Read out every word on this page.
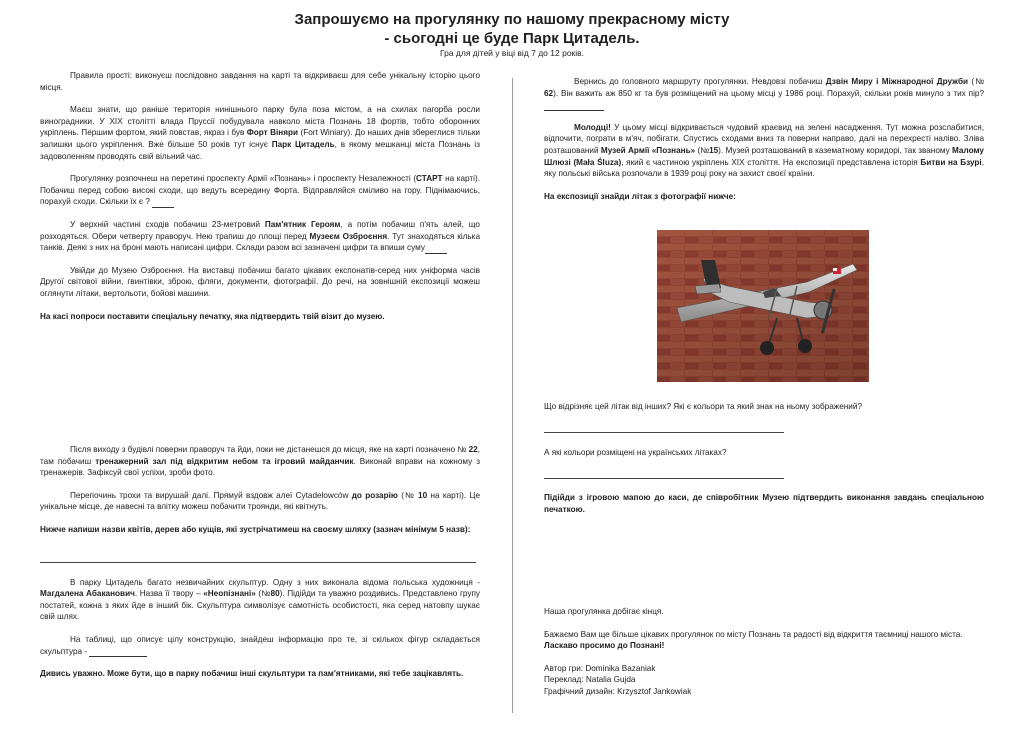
Запрошуємо на прогулянку по нашому прекрасному місту
- сьогодні це буде Парк Цитадель.
Гра для дітей у віці від 7 до 12 років.

Правила прості: виконуєш послідовно завдання на карті та відкриваєш для себе унікальну історію цього місця.

Маєш знати, що раніше територія нинішнього парку була поза містом, а на схилах пагорба росли виноградники. У XIX столітті влада Пруссії побудувала навколо міста Познань 18 фортів, тобто оборонних укріплень. Першим фортом, який повстав, якраз і був Форт Віняри (Fort Winiary). До наших днів збереглися тільки залишки цього укріплення. Вже більше 50 років тут існує Парк Цитадель, в якому мешканці міста Познань із задоволенням проводять свій вільний час.

Прогулянку розпочнеш на перетині проспекту Армії «Познань» і проспекту Незалежності (СТАРТ на карті). Побачиш перед собою високі сходи, що ведуть всередину Форта. Відправляйся сміливо на гору. Піднімаючись, порахуй сходи. Скільки їх є ?

У верхній частині сходів побачиш 23-метровий Пам'ятник Героям, а потім побачиш п'ять алей, що розходяться. Обери четверту праворуч. Нею трапиш до площі перед Музеєм Озброєння. Тут знаходяться кілька танків. Деякі з них на броні мають написані цифри. Склади разом всі зазначені цифри та впиши суму

Увійди до Музею Озброєння. На виставці побачиш багато цікавих експонатів-серед них уніформа часів Другої світової війни, гвинтівки, зброю, фляги, документи, фотографії. До речі, на зовнішній експозиції можеш оглянути літаки, вертольоти, бойові машини.

На касі попроси поставити спеціальну печатку, яка підтвердить твій візит до музею.

Після виходу з будівлі поверни праворуч та йди, поки не дістанешся до місця, яке на карті позначено № 22, там побачиш тренажерний зал під відкритим небом та ігровий майданчик. Виконай вправи на кожному з тренажерів. Зафіксуй свої успіхи, зроби фото.

Перепочинь трохи та вирушай далі. Прямуй вздовж алеї Cytadelowców до розарію (№ 10 на карті). Це унікальне місце, де навесні та влітку можеш побачити троянди, які квітнуть.

Нижче напиши назви квітів, дерев або кущів, які зустрічатимеш на своєму шляху (зазнач мінімум 5 назв):

В парку Цитадель багато незвичайних скульптур. Одну з них виконала відома польська художниця - Магдалена Абаканович. Назва її твору – «Неопізнані» (№80). Підійди та уважно роздивись. Представлено групу постатей, кожна з яких йде в інший бік. Скульптура символізує самотність особистості, яка серед натовпу шукає свій шлях.

На таблиці, що описує цілу конструкцію, знайдеш інформацію про те, зі скількох фігур складається скульптура -

Дивись уважно. Може бути, що в парку побачиш інші скульптури та пам'ятниками, які тебе зацікавлять.

Вернись до головного маршруту прогулянки. Невдовзі побачиш Дзвін Миру і Міжнародної Дружби (№ 62). Він важить аж 850 кг та був розміщений на цьому місці у 1986 році. Порахуй, скільки років минуло з тих пір?

Молодці! У цьому місці відкривається чудовий краєвид на зелені насадження. Тут можна розслабитися, відпочити, пограти в м'яч, побігати. Спустись сходами вниз та поверни направо, далі на перехресті наліво. Зліва розташований Музей Армії «Познань» (№15). Музей розташований в казематному коридорі, так званому Малому Шлюзі (Mała Śluza), який є частиною укріплень XIX століття. На експозиції представлена історія Битви на Бзурі, яку польські війська розпочали в 1939 році року на захист своєї країни.

На експозиції знайди літак з фотографії нижче:

Що відрізняє цей літак від інших? Які є кольори та який знак на ньому зображений?
А які кольори розміщені на українських літаках?
Підійди з ігровою мапою до каси, де співробітник Музею підтвердить виконання завдань спеціальною печаткою.

Наша прогулянка добігає кінця.

Бажаємо Вам ще більше цікавих прогулянок по місту Познань та радості від відкриття таємниці нашого міста.

Ласкаво просимо до Познані!

Автор гри: Dominika Bazaniak

Переклад: Natalia Gujda

Графічний дизайн: Krzysztof Jankowiak
